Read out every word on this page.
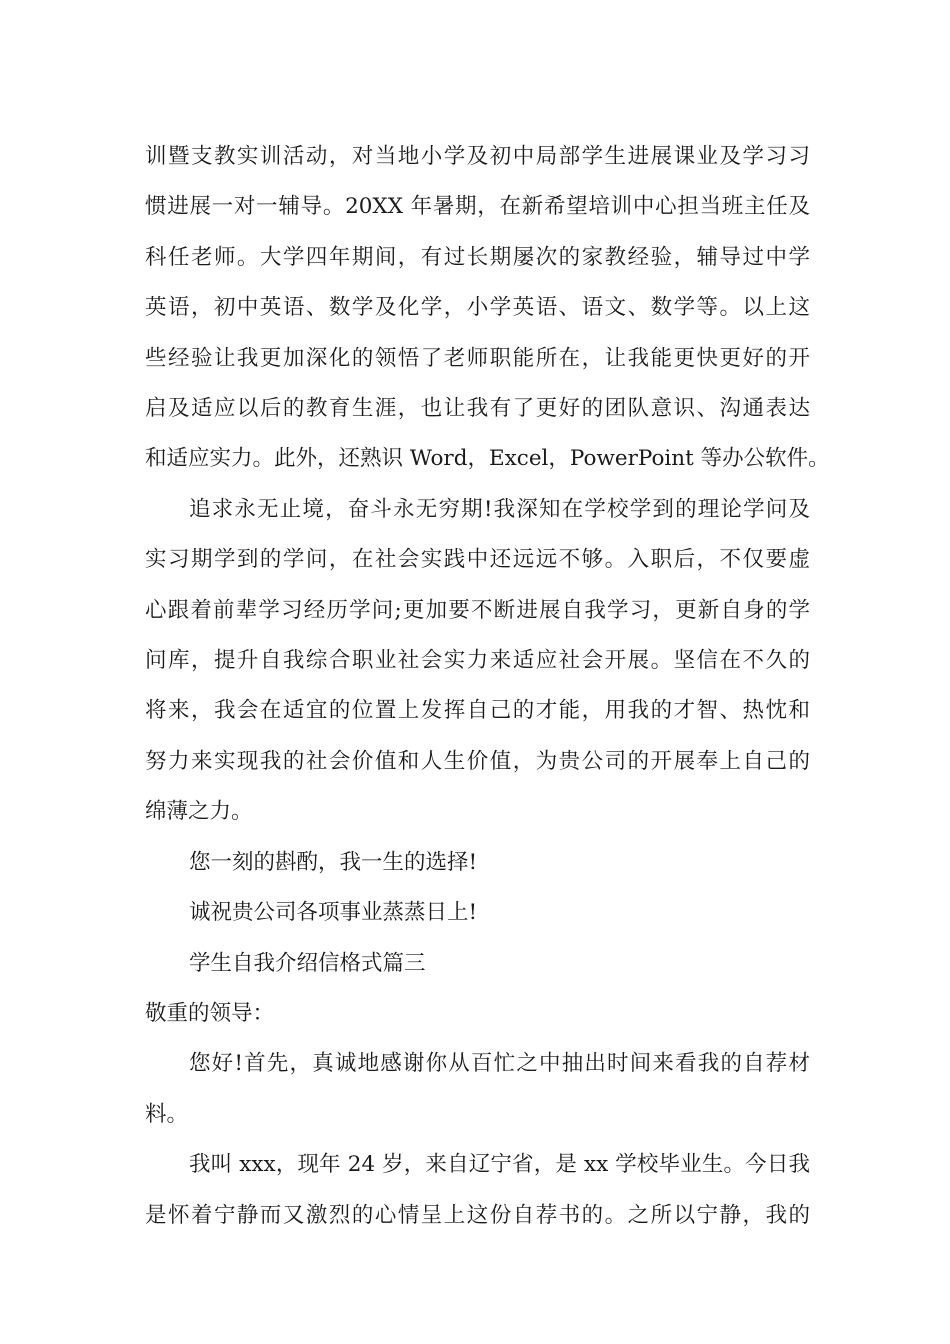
训暨支教实训活动，对当地小学及初中局部学生进展课业及学习习
惯进展一对一辅导。20XX 年暑期，在新希望培训中心担当班主任及
科任老师。大学四年期间，有过长期屡次的家教经验，辅导过中学
英语，初中英语、数学及化学，小学英语、语文、数学等。以上这
些经验让我更加深化的领悟了老师职能所在，让我能更快更好的开
启及适应以后的教育生涯，也让我有了更好的团队意识、沟通表达
和适应实力。此外，还熟识 Word，Excel，PowerPoint 等办公软件。

追求永无止境，奋斗永无穷期!我深知在学校学到的理论学问及
实习期学到的学问，在社会实践中还远远不够。入职后，不仅要虚
心跟着前辈学习经历学问;更加要不断进展自我学习，更新自身的学
问库，提升自我综合职业社会实力来适应社会开展。坚信在不久的
将来，我会在适宜的位置上发挥自己的才能，用我的才智、热忱和
努力来实现我的社会价值和人生价值，为贵公司的开展奉上自己的
绵薄之力。

您一刻的斟酌，我一生的选择!

诚祝贵公司各项事业蒸蒸日上!

学生自我介绍信格式篇三

敬重的领导：

您好!首先，真诚地感谢你从百忙之中抽出时间来看我的自荐材
料。

我叫 xxx，现年 24 岁，来自辽宁省，是 xx 学校毕业生。今日我
是怀着宁静而又激烈的心情呈上这份自荐书的。之所以宁静，我的
